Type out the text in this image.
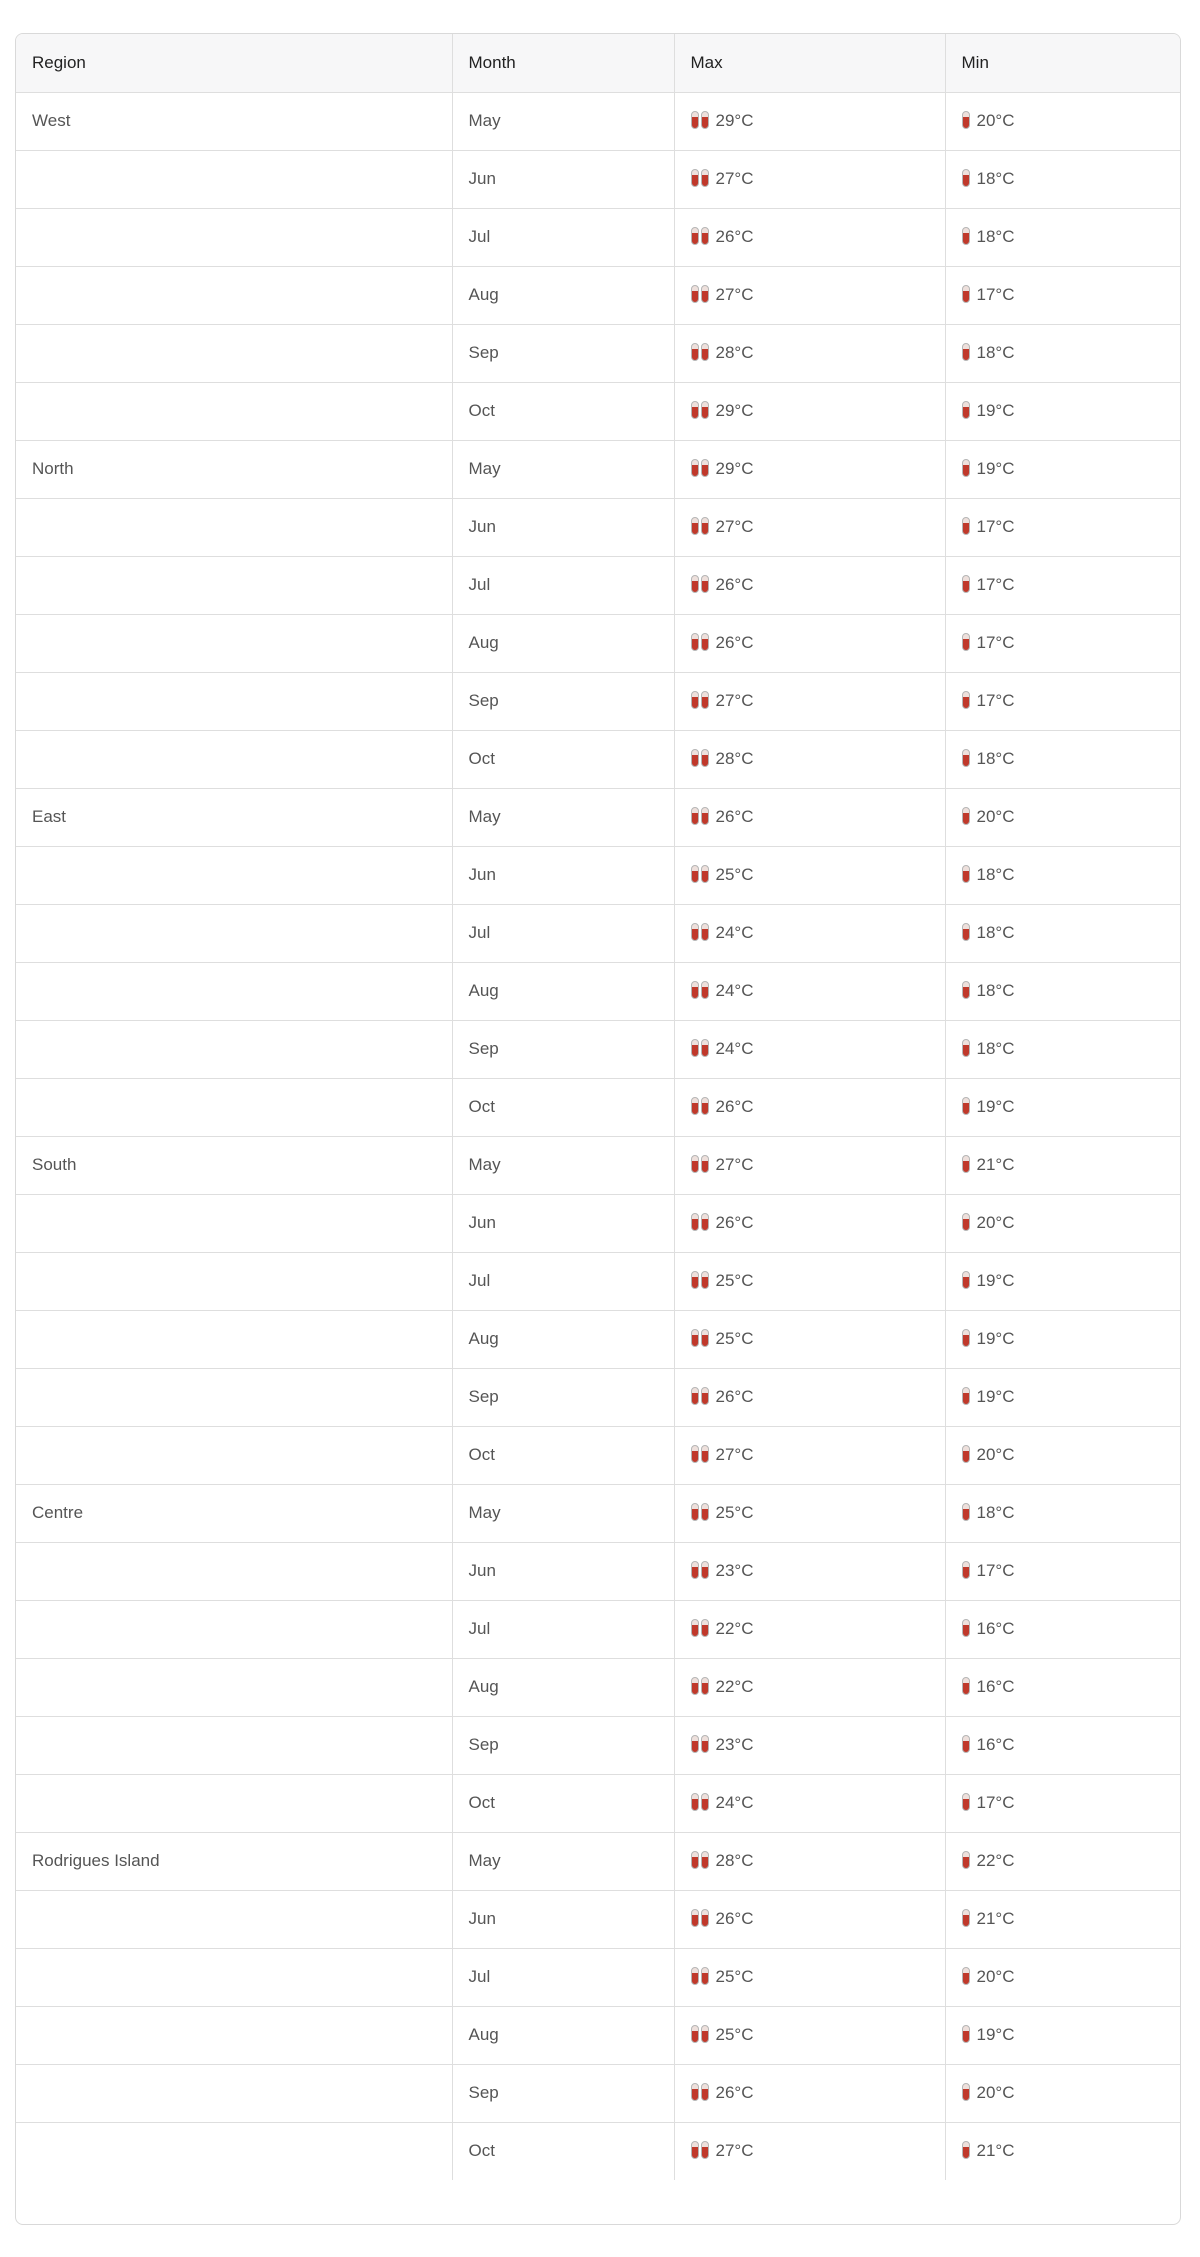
Region	Month	Max	Min
West	May	29°C	20°C
	Jun	27°C	18°C
	Jul	26°C	18°C
	Aug	27°C	17°C
	Sep	28°C	18°C
	Oct	29°C	19°C
North	May	29°C	19°C
	Jun	27°C	17°C
	Jul	26°C	17°C
	Aug	26°C	17°C
	Sep	27°C	17°C
	Oct	28°C	18°C
East	May	26°C	20°C
	Jun	25°C	18°C
	Jul	24°C	18°C
	Aug	24°C	18°C
	Sep	24°C	18°C
	Oct	26°C	19°C
South	May	27°C	21°C
	Jun	26°C	20°C
	Jul	25°C	19°C
	Aug	25°C	19°C
	Sep	26°C	19°C
	Oct	27°C	20°C
Centre	May	25°C	18°C
	Jun	23°C	17°C
	Jul	22°C	16°C
	Aug	22°C	16°C
	Sep	23°C	16°C
	Oct	24°C	17°C
Rodrigues Island	May	28°C	22°C
	Jun	26°C	21°C
	Jul	25°C	20°C
	Aug	25°C	19°C
	Sep	26°C	20°C
	Oct	27°C	21°C
